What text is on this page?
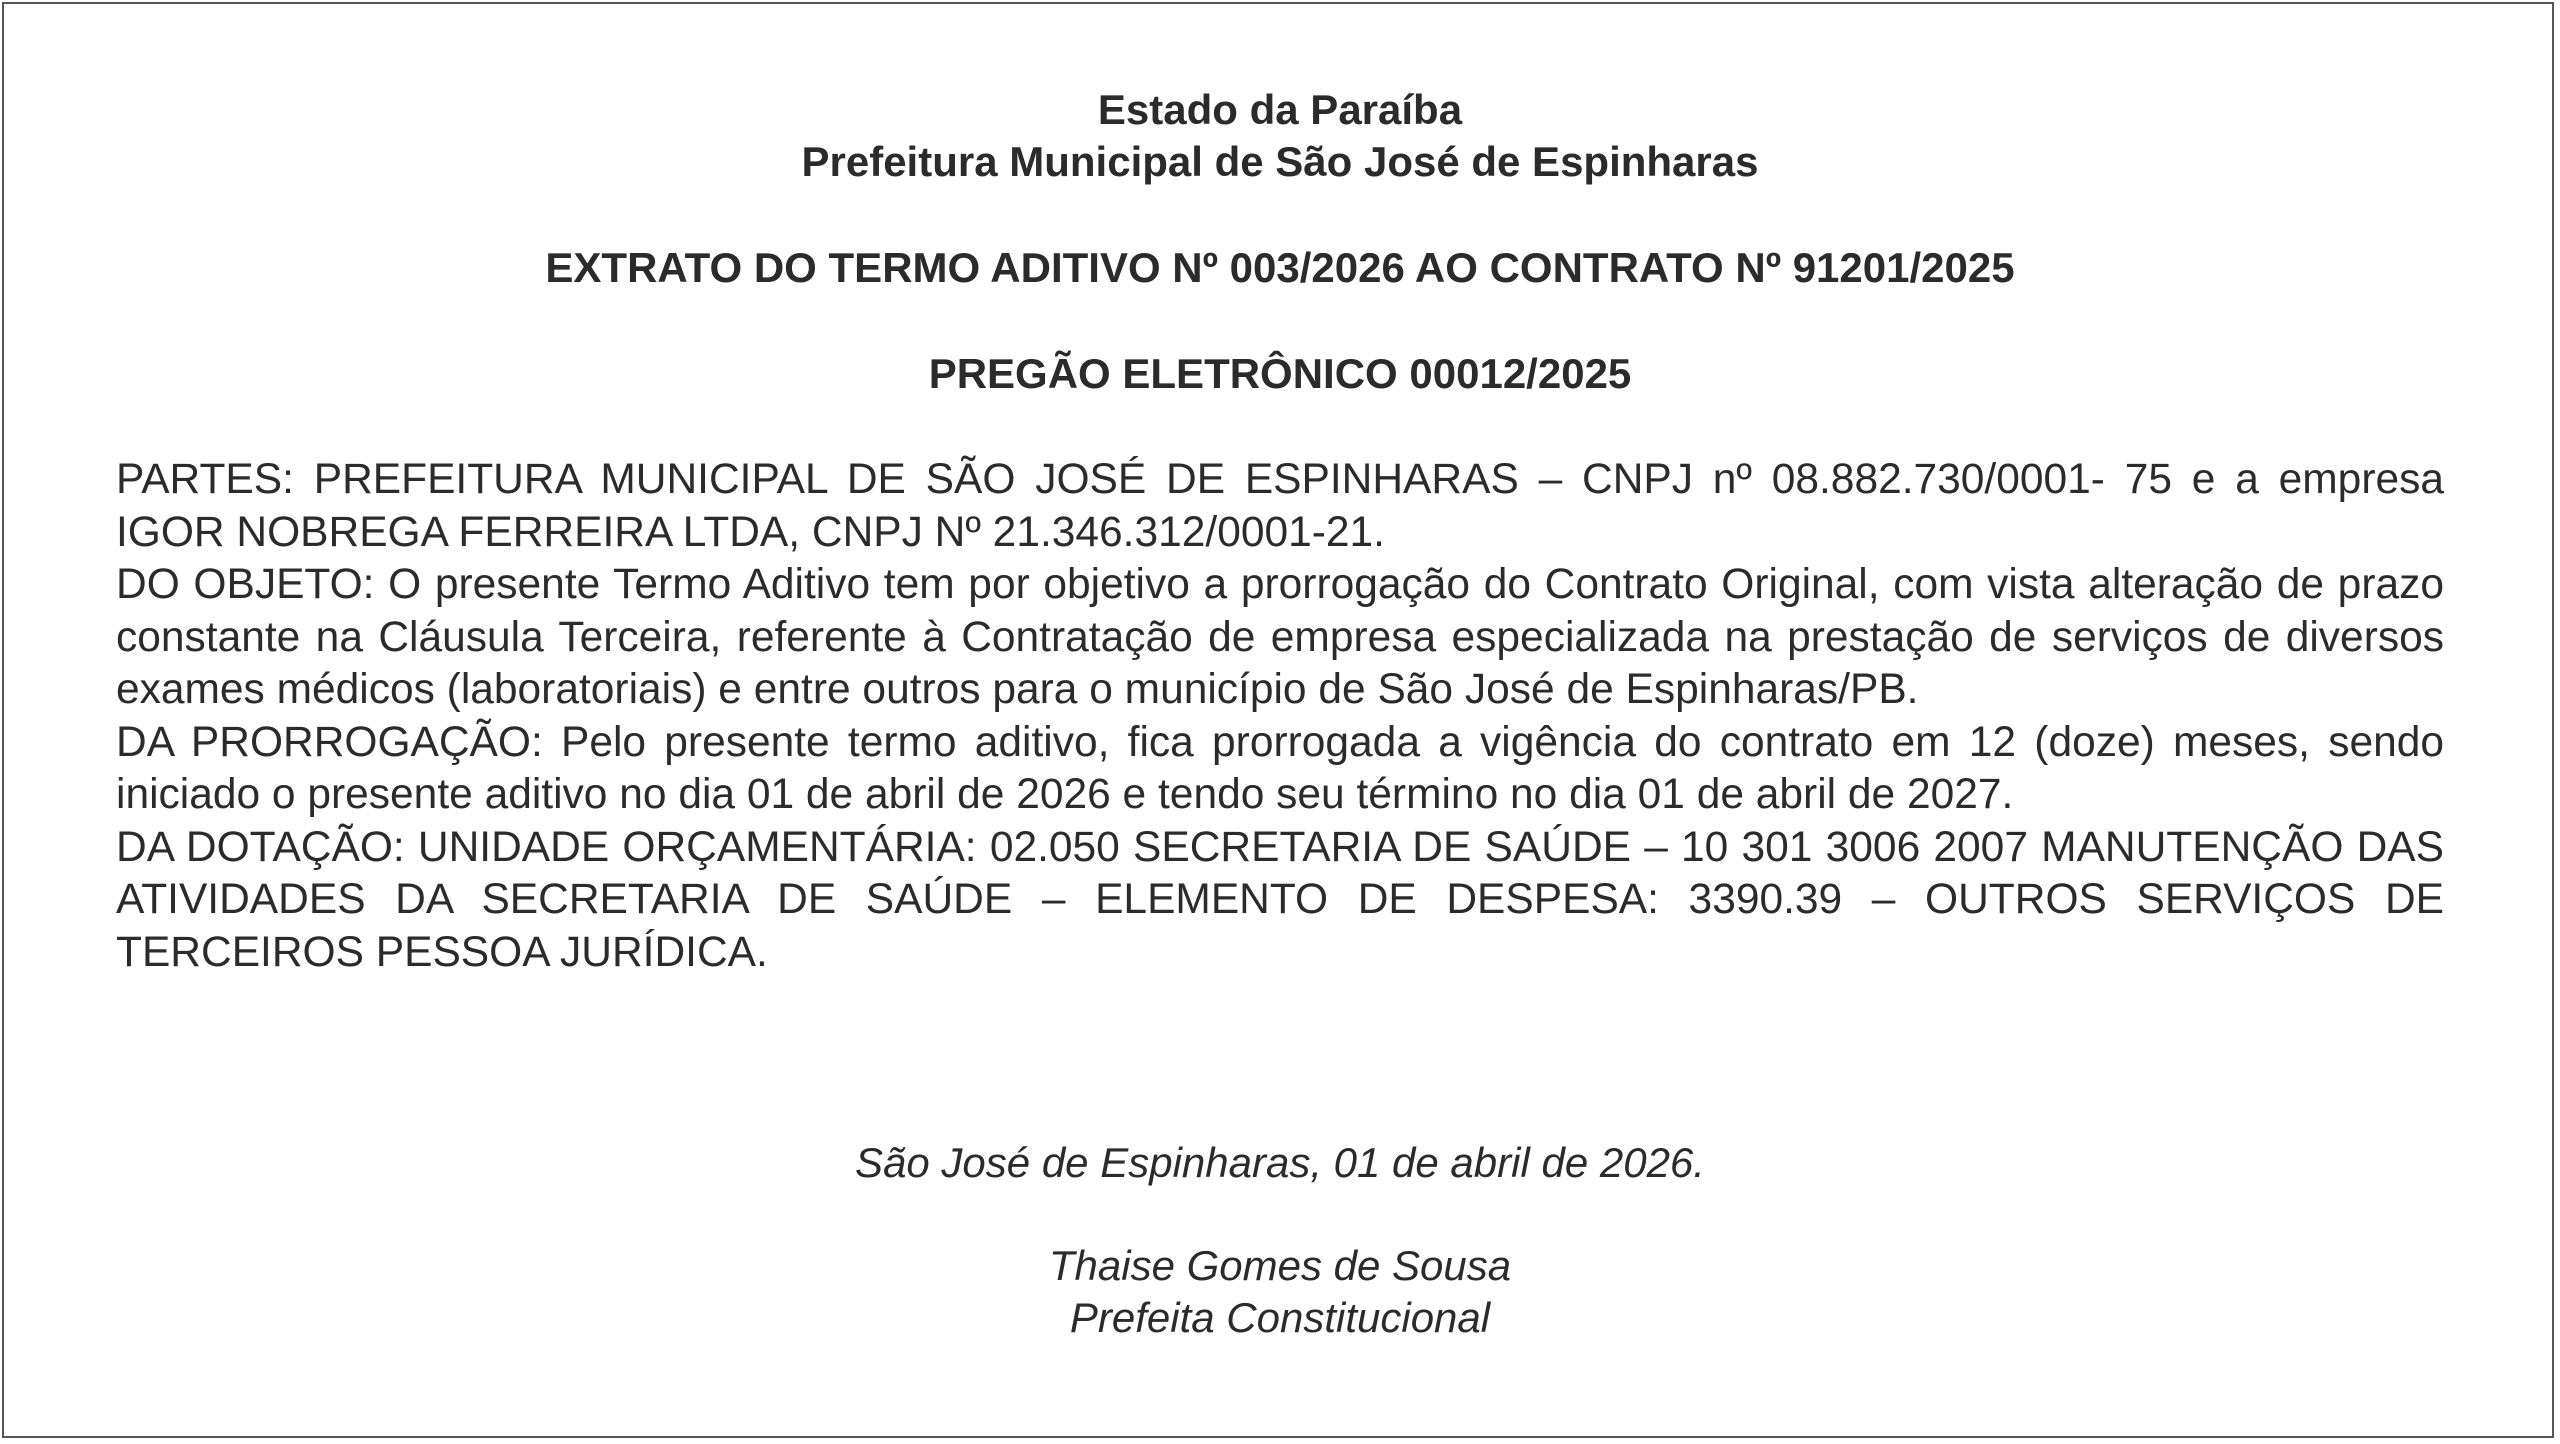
Estado da Paraíba

Prefeitura Municipal de São José de Espinharas

EXTRATO DO TERMO ADITIVO Nº 003/2026 AO CONTRATO Nº 91201/2025

PREGÃO ELETRÔNICO 00012/2025

PARTES: PREFEITURA MUNICIPAL DE SÃO JOSÉ DE ESPINHARAS – CNPJ nº 08.882.730/0001- 75 e a empresa IGOR NOBREGA FERREIRA LTDA, CNPJ Nº 21.346.312/0001-21.

DO OBJETO: O presente Termo Aditivo tem por objetivo a prorrogação do Contrato Original, com vista alteração de prazo constante na Cláusula Terceira, referente à Contratação de empresa especializada na prestação de serviços de diversos exames médicos (laboratoriais) e entre outros para o município de São José de Espinharas/PB.

DA PRORROGAÇÃO: Pelo presente termo aditivo, fica prorrogada a vigência do contrato em 12 (doze) meses, sendo iniciado o presente aditivo no dia 01 de abril de 2026 e tendo seu término no dia 01 de abril de 2027.

DA DOTAÇÃO: UNIDADE ORÇAMENTÁRIA: 02.050 SECRETARIA DE SAÚDE – 10 301 3006 2007 MANUTENÇÃO DAS ATIVIDADES DA SECRETARIA DE SAÚDE – ELEMENTO DE DESPESA: 3390.39 – OUTROS SERVIÇOS DE TERCEIROS PESSOA JURÍDICA.

São José de Espinharas, 01 de abril de 2026.
Thaise Gomes de Sousa
Prefeita Constitucional
